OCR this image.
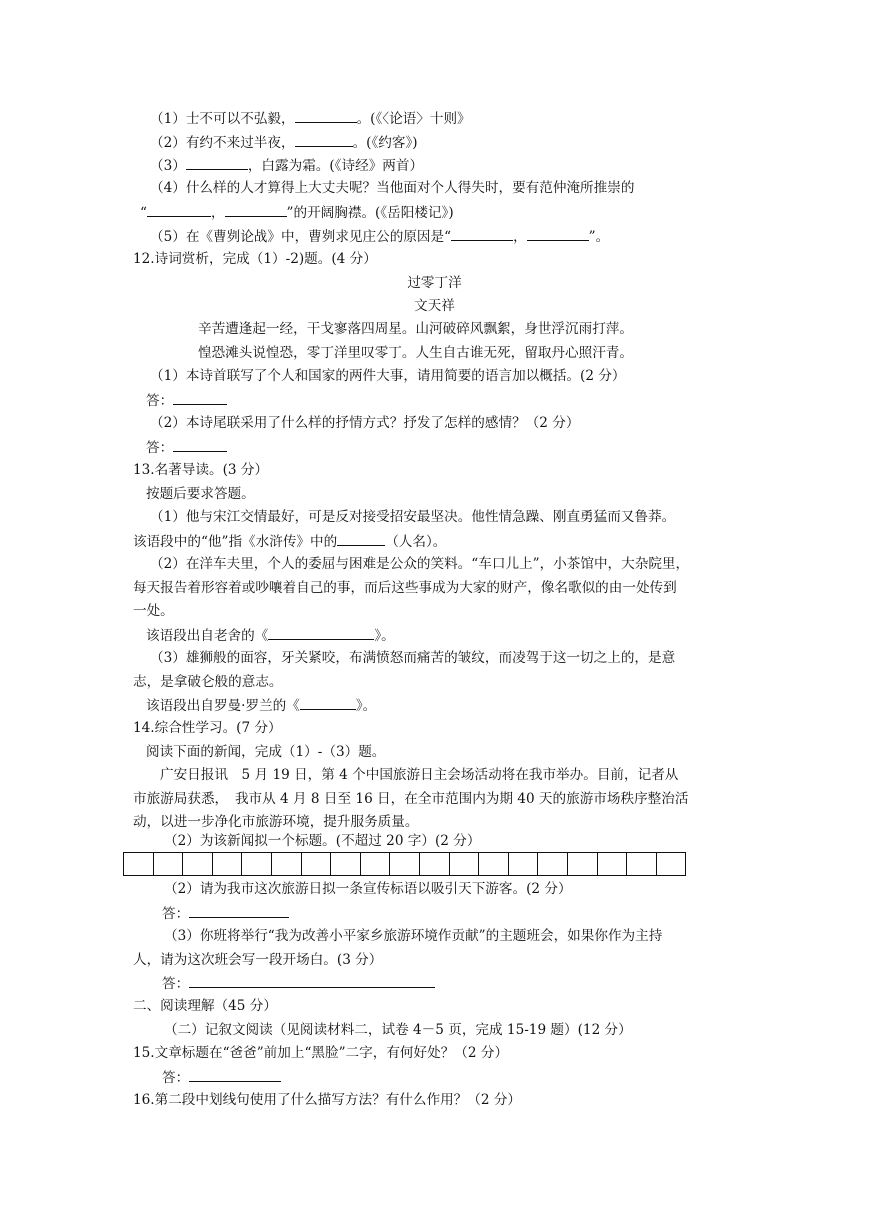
（1）士不可以不弘毅，	。(《〈论语〉十则》
（2）有约不来过半夜，	。(《约客》)
（3）	，白露为霜。(《诗经》两首）
（4）什么样的人才算得上大丈夫呢？当他面对个人得失时，要有范仲淹所推崇的
“	，	”的开阔胸襟。(《岳阳楼记》)
（5）在《曹刿论战》中，曹刿求见庄公的原因是“	，	”。
12.诗词赏析，完成（1）-2)题。(4 分）
过零丁洋
文天祥
辛苦遭逢起一经，干戈寥落四周星。山河破碎风飘絮，身世浮沉雨打萍。
惶恐滩头说惶恐，零丁洋里叹零丁。人生自古谁无死，留取丹心照汗青。
（1）本诗首联写了个人和国家的两件大事，请用简要的语言加以概括。(2 分）
答：
（2）本诗尾联采用了什么样的抒情方式？抒发了怎样的感情？（2 分）
答：
13.名著导读。(3 分）
按题后要求答题。
（1）他与宋江交情最好，可是反对接受招安最坚决。他性情急躁、刚直勇猛而又鲁莽。
该语段中的“他”指《水浒传》中的	（人名）。
（2）在洋车夫里，个人的委屈与困难是公众的笑料。“车口儿上”，小茶馆中，大杂院里，
每天报告着形容着或吵嚷着自己的事，而后这些事成为大家的财产，像名歌似的由一处传到
一处。
该语段出自老舍的《	》。
（3）雄狮般的面容，牙关紧咬，布满愤怒而痛苦的皱纹，而凌驾于这一切之上的，是意
志，是拿破仑般的意志。
该语段出自罗曼·罗兰的《	》。
14.综合性学习。(7 分）
阅读下面的新闻，完成（1）-（3）题。
广安日报讯　5 月 19 日，第 4 个中国旅游日主会场活动将在我市举办。目前，记者从
市旅游局获悉，　我市从 4 月 8 日至 16 日，在全市范围内为期 40 天的旅游市场秩序整治活
动，以进一步净化市旅游环境，提升服务质量。
（2）为该新闻拟一个标题。(不超过 20 字）(2 分）
（2）请为我市这次旅游日拟一条宣传标语以吸引天下游客。(2 分）
答：
（3）你班将举行“我为改善小平家乡旅游环境作贡献”的主题班会，如果你作为主持
人，请为这次班会写一段开场白。(3 分）
答：
二、阅读理解（45 分）
（二）记叙文阅读（见阅读材料二，试卷 4－5 页，完成 15-19 题）(12 分）
15.文章标题在“爸爸”前加上“黑脸”二字，有何好处？（2 分）
答：
16.第二段中划线句使用了什么描写方法？有什么作用？（2 分）
